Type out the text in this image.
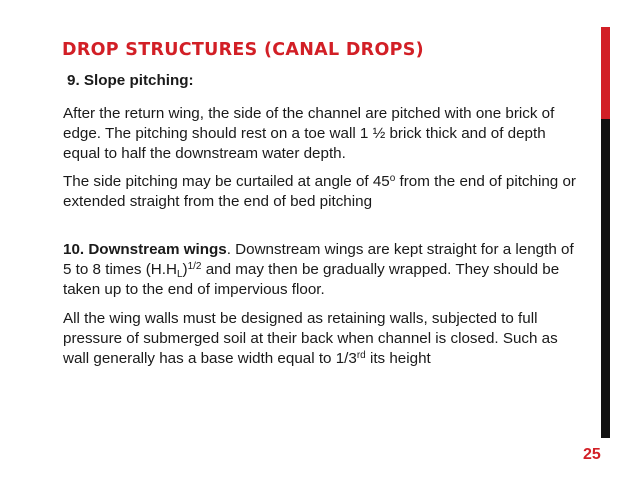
DROP STRUCTURES (CANAL DROPS)
9. Slope pitching:

After the return wing, the side of the channel are pitched with one brick of edge. The pitching should rest on a toe wall 1 ½ brick thick and of depth equal to half the downstream water depth.

The side pitching may be curtailed at angle of 45$^o$ from the end of pitching or extended straight from the end of bed pitching

10. Downstream wings. Downstream wings are kept straight for a length of 5 to 8 times $(H.H_L)^{1/2}$ and may then be gradually wrapped. They should be taken up to the end of impervious floor.

All the wing walls must be designed as retaining walls, subjected to full pressure of submerged soil at their back when channel is closed. Such as wall generally has a base width equal to 1/3rd its height

25
